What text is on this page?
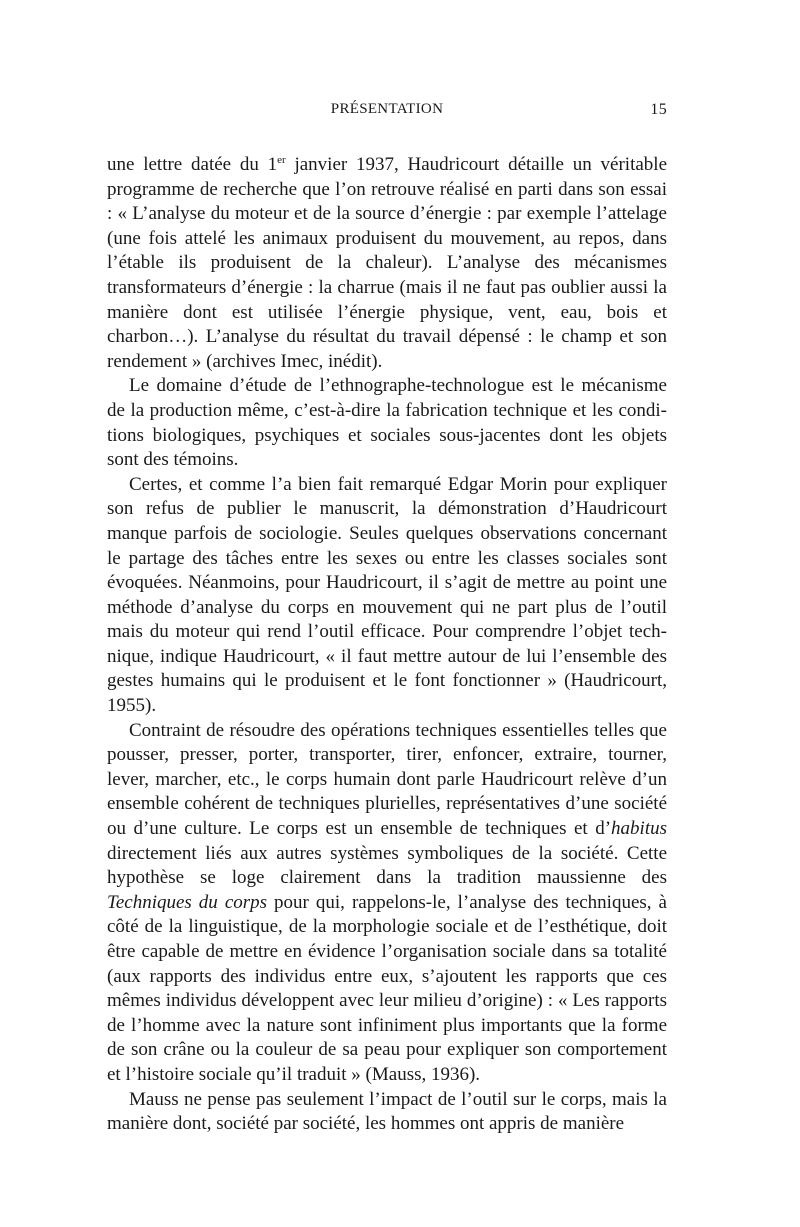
PRÉSENTATION	15

une lettre datée du 1er janvier 1937, Haudricourt détaille un véritable programme de recherche que l’on retrouve réalisé en parti dans son essai : « L’analyse du moteur et de la source d’énergie : par exemple l’attelage (une fois attelé les animaux produisent du mouvement, au repos, dans l’étable ils produisent de la chaleur). L’analyse des mécanismes transformateurs d’énergie : la charrue (mais il ne faut pas oublier aussi la manière dont est utilisée l’énergie physique, vent, eau, bois et charbon…). L’analyse du résultat du travail dépensé : le champ et son rendement » (archives Imec, inédit).

Le domaine d’étude de l’ethnographe-technologue est le mécanisme de la production même, c’est-à-dire la fabrication technique et les conditions biologiques, psychiques et sociales sous-jacentes dont les objets sont des témoins.

Certes, et comme l’a bien fait remarqué Edgar Morin pour expliquer son refus de publier le manuscrit, la démonstration d’Haudricourt manque parfois de sociologie. Seules quelques observations concernant le partage des tâches entre les sexes ou entre les classes sociales sont évoquées. Néanmoins, pour Haudricourt, il s’agit de mettre au point une méthode d’analyse du corps en mouvement qui ne part plus de l’outil mais du moteur qui rend l’outil efficace. Pour comprendre l’objet technique, indique Haudricourt, « il faut mettre autour de lui l’ensemble des gestes humains qui le produisent et le font fonctionner » (Haudricourt, 1955).

Contraint de résoudre des opérations techniques essentielles telles que pousser, presser, porter, transporter, tirer, enfoncer, extraire, tourner, lever, marcher, etc., le corps humain dont parle Haudricourt relève d’un ensemble cohérent de techniques plurielles, représentatives d’une société ou d’une culture. Le corps est un ensemble de techniques et d’habitus directement liés aux autres systèmes symboliques de la société. Cette hypothèse se loge clairement dans la tradition maussienne des Techniques du corps pour qui, rappelons-le, l’analyse des techniques, à côté de la linguistique, de la morphologie sociale et de l’esthétique, doit être capable de mettre en évidence l’organisation sociale dans sa totalité (aux rapports des individus entre eux, s’ajoutent les rapports que ces mêmes individus développent avec leur milieu d’origine) : « Les rapports de l’homme avec la nature sont infiniment plus importants que la forme de son crâne ou la couleur de sa peau pour expliquer son comportement et l’histoire sociale qu’il traduit » (Mauss, 1936).

Mauss ne pense pas seulement l’impact de l’outil sur le corps, mais la manière dont, société par société, les hommes ont appris de manière
